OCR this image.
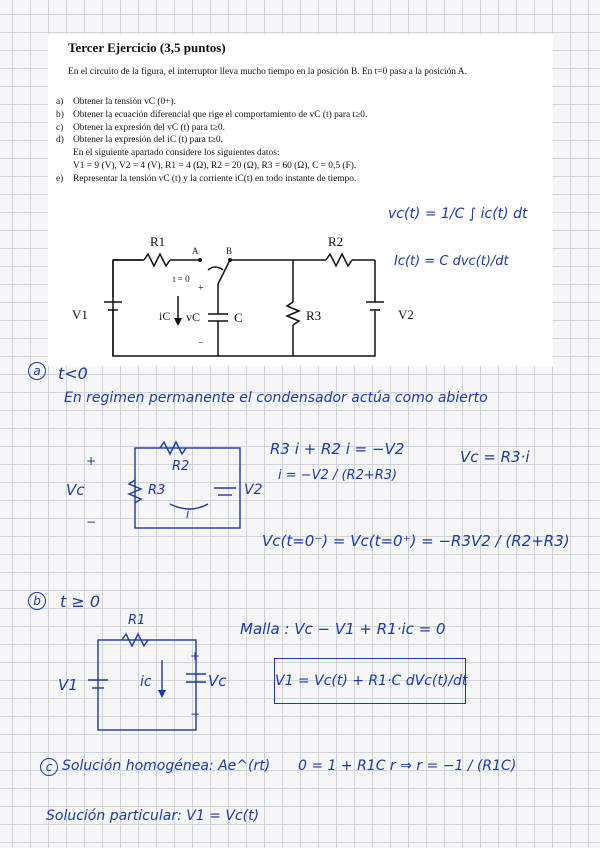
Tercer Ejercicio (3,5 puntos)
En el circuito de la figura, el interruptor lleva mucho tiempo en la posición B. En t=0 pasa a la posición A.
a)	Obtener la tensión vC (0+).
b) Obtener la ecuación diferencial que rige el comportamiento de vC (t) para t≥0.
c)	Obtener la expresión del vC (t) para t≥0.
d) Obtener la expresión del iC (t) para t≥0.
En el siguiente apartado considere los siguientes datos:
V1 = 9 (V), V2 = 4 (V), R1 = 4 (Ω), R2 = 20 (Ω), R3 = 60 (Ω), C = 0,5 (F).
e)	Representar la tensión vC (t) y la corriente iC(t) en todo instante de tiempo.
R1	R2
R3
V1	V2
A	B
t = 0
iC vC	C
+
−
vc(t) = 1/C ∫ ic(t) dt
Ic(t) = C dvc(t)/dt
a	t<0
En regimen permanente el condensador actúa como abierto
R2
R3
Vc	V2
+
−
i
R3 i + R2 i = −V2
i = −V2 / (R2+R3)
Vc = R3·i
Vc(t=0⁻) = Vc(t=0⁺) = −R3V2 / (R2+R3)
b	t ≥ 0
R1
V1	ic	Vc
+
−
Malla : Vc − V1 + R1·ic = 0
V1 = Vc(t) + R1·C dVc(t)/dt
c Solución homogénea: Ae^(rt) 0 = 1 + R1C r ⇒ r = −1 / (R1C)
Solución particular: V1 = Vc(t)
